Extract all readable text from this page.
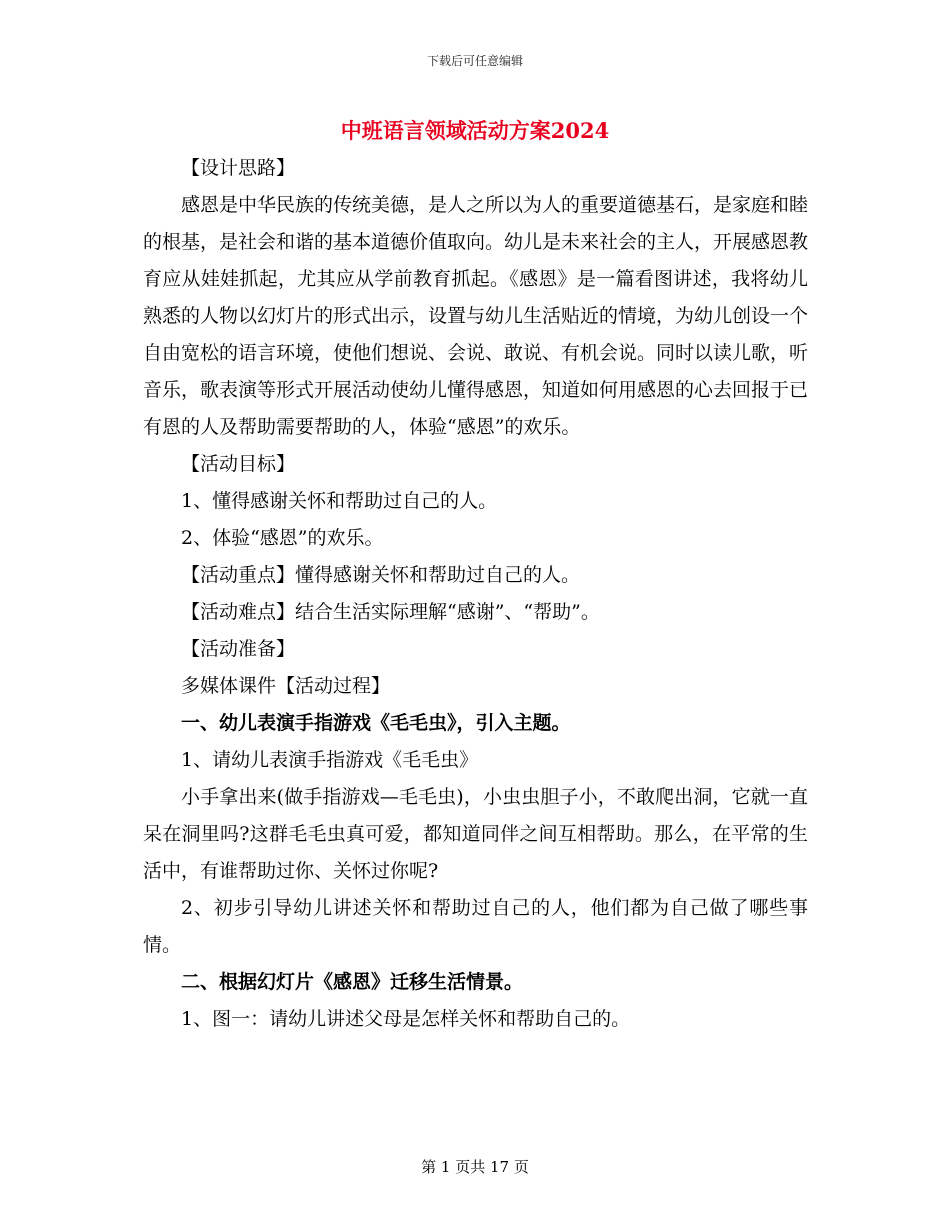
下载后可任意编辑
中班语言领域活动方案2024

【设计思路】

感恩是中华民族的传统美德，是人之所以为人的重要道德基石，是家庭和睦的根基，是社会和谐的基本道德价值取向。幼儿是未来社会的主人，开展感恩教育应从娃娃抓起，尤其应从学前教育抓起。《感恩》是一篇看图讲述，我将幼儿熟悉的人物以幻灯片的形式出示，设置与幼儿生活贴近的情境，为幼儿创设一个自由宽松的语言环境，使他们想说、会说、敢说、有机会说。同时以读儿歌，听音乐，歌表演等形式开展活动使幼儿懂得感恩，知道如何用感恩的心去回报于已有恩的人及帮助需要帮助的人，体验“感恩”的欢乐。

【活动目标】

1、懂得感谢关怀和帮助过自己的人。

2、体验“感恩”的欢乐。

【活动重点】懂得感谢关怀和帮助过自己的人。

【活动难点】结合生活实际理解“感谢”、“帮助”。

【活动准备】

多媒体课件【活动过程】

一、幼儿表演手指游戏《毛毛虫》，引入主题。

1、请幼儿表演手指游戏《毛毛虫》

小手拿出来(做手指游戏—毛毛虫)，小虫虫胆子小，不敢爬出洞，它就一直呆在洞里吗?这群毛毛虫真可爱，都知道同伴之间互相帮助。那么，在平常的生活中，有谁帮助过你、关怀过你呢?

2、初步引导幼儿讲述关怀和帮助过自己的人，他们都为自己做了哪些事情。

二、根据幻灯片《感恩》迁移生活情景。

1、图一：请幼儿讲述父母是怎样关怀和帮助自己的。

第 1 页共 17 页
